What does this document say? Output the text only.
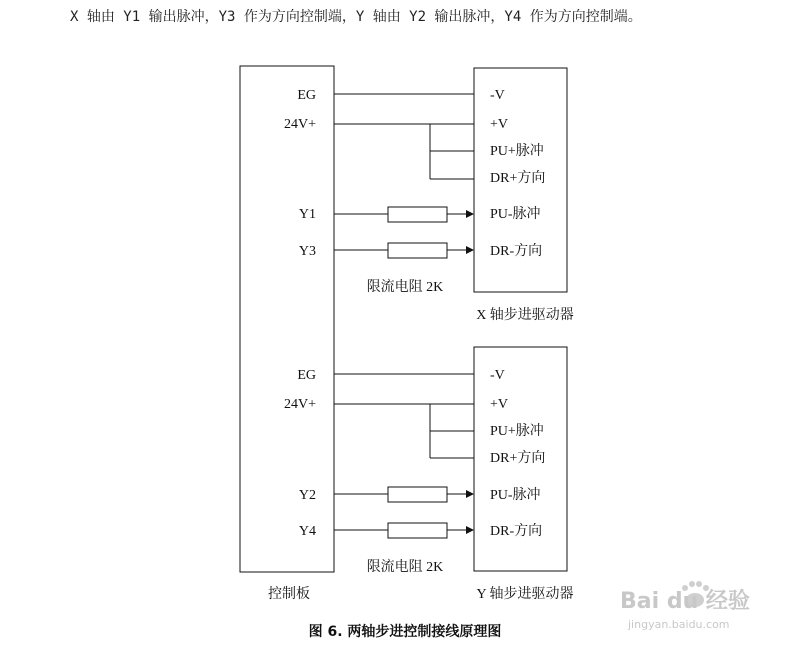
X 轴由 Y1 输出脉冲，Y3 作为方向控制端，Y 轴由 Y2 输出脉冲，Y4 作为方向控制端。
控制板
EG
24V+
Y1
Y3
-V
+V
PU+脉冲
DR+方向
PU-脉冲
DR-方向
限流电阻 2K
X 轴步进驱动器
EG
24V+
Y2
Y4
-V
+V
PU+脉冲
DR+方向
PU-脉冲
DR-方向
限流电阻 2K
Y 轴步进驱动器
图 6. 两轴步进控制接线原理图
Bai du 经验
jingyan.baidu.com
